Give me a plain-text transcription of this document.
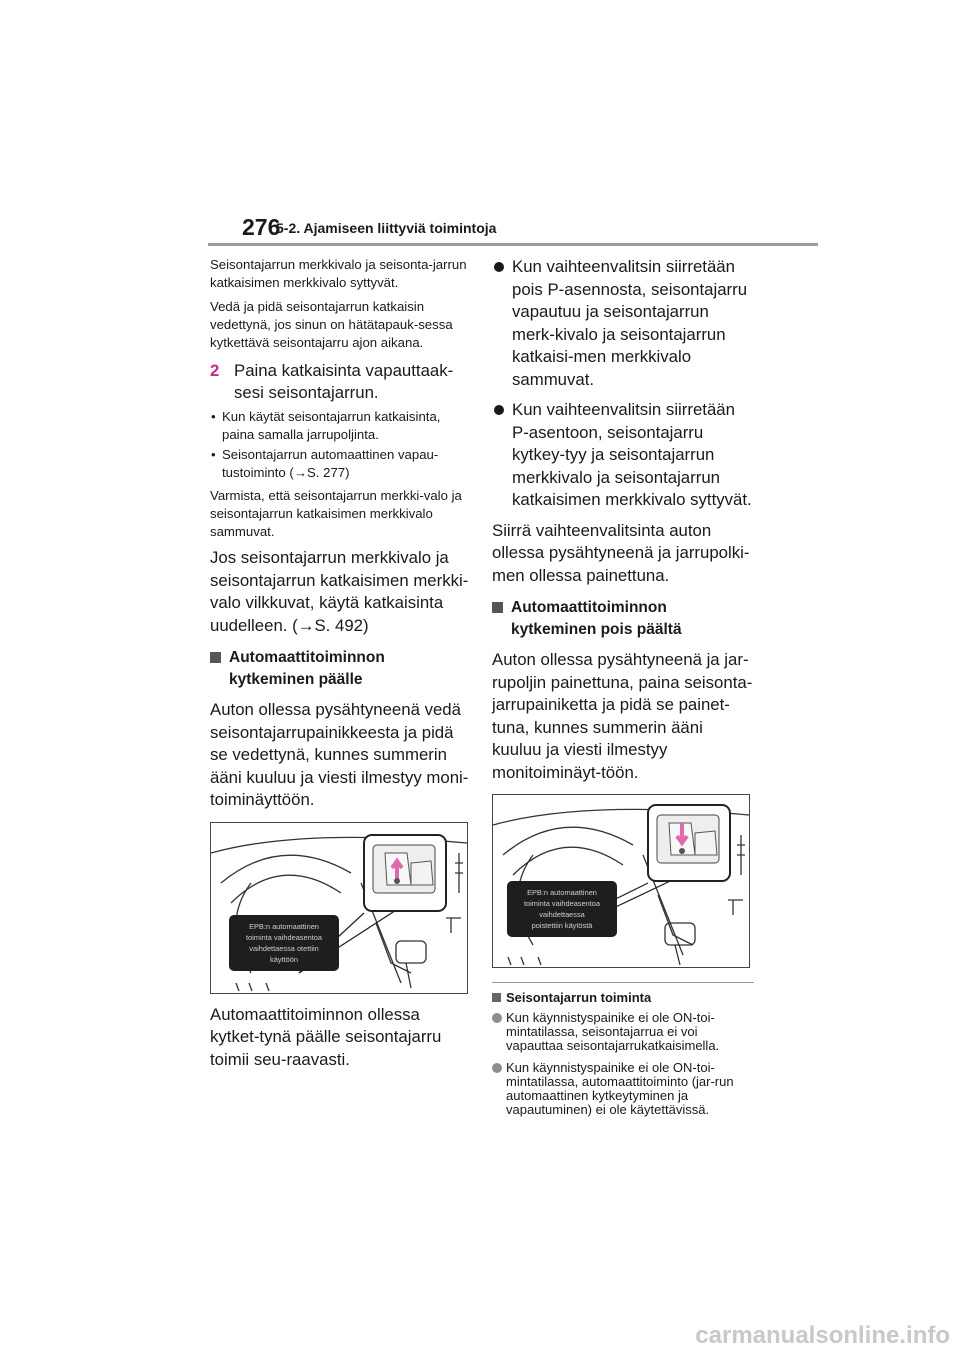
276
5-2. Ajamiseen liittyviä toimintoja

Seisontajarrun merkkivalo ja seisonta-jarrun katkaisimen merkkivalo syttyvät.

Vedä ja pidä seisontajarrun katkaisin vedettynä, jos sinun on hätätapauk-sessa kytkettävä seisontajarru ajon aikana.

2 Paina katkaisinta vapauttaak-sesi seisontajarrun.
• Kun käytät seisontajarrun katkaisinta, paina samalla jarrupoljinta.
• Seisontajarrun automaattinen vapau-tustoiminto (→S. 277)

Varmista, että seisontajarrun merkki-valo ja seisontajarrun katkaisimen merkkivalo sammuvat.

Jos seisontajarrun merkkivalo ja seisontajarrun katkaisimen merkki-valo vilkkuvat, käytä katkaisinta uudelleen. (→S. 492)

Automaattitoiminnon kytkeminen päälle

Auton ollessa pysähtyneenä vedä seisontajarrupainikkeesta ja pidä se vedettynä, kunnes summerin ääni kuuluu ja viesti ilmestyy moni-toiminäyttöön.

EPB:n automaattinen
toiminta vaihdeasentoa
vaihdettaessa otettiin
käyttöön

Automaattitoiminnon ollessa kytket-tynä päälle seisontajarru toimii seu-raavasti.

Kun vaihteenvalitsin siirretään pois P-asennosta, seisontajarru vapautuu ja seisontajarrun merk-kivalo ja seisontajarrun katkaisi-men merkkivalo sammuvat.
Kun vaihteenvalitsin siirretään P-asentoon, seisontajarru kytkey-tyy ja seisontajarrun merkkivalo ja seisontajarrun katkaisimen merkkivalo syttyvät.

Siirrä vaihteenvalitsinta auton ollessa pysähtyneenä ja jarrupolki-men ollessa painettuna.

Automaattitoiminnon kytkeminen pois päältä

Auton ollessa pysähtyneenä ja jar-rupoljin painettuna, paina seisonta-jarrupainiketta ja pidä se painet-tuna, kunnes summerin ääni kuuluu ja viesti ilmestyy monitoiminäyt-töön.

EPB:n automaattinen
toiminta vaihdeasentoa
vaihdettaessa
poistettiin käytöstä
Seisontajarrun toiminta
Kun käynnistyspainike ei ole ON-toi-mintatilassa, seisontajarrua ei voi vapauttaa seisontajarrukatkaisimella.
Kun käynnistyspainike ei ole ON-toi-mintatilassa, automaattitoiminto (jar-run automaattinen kytkeytyminen ja vapautuminen) ei ole käytettävissä.
carmanualsonline.info
